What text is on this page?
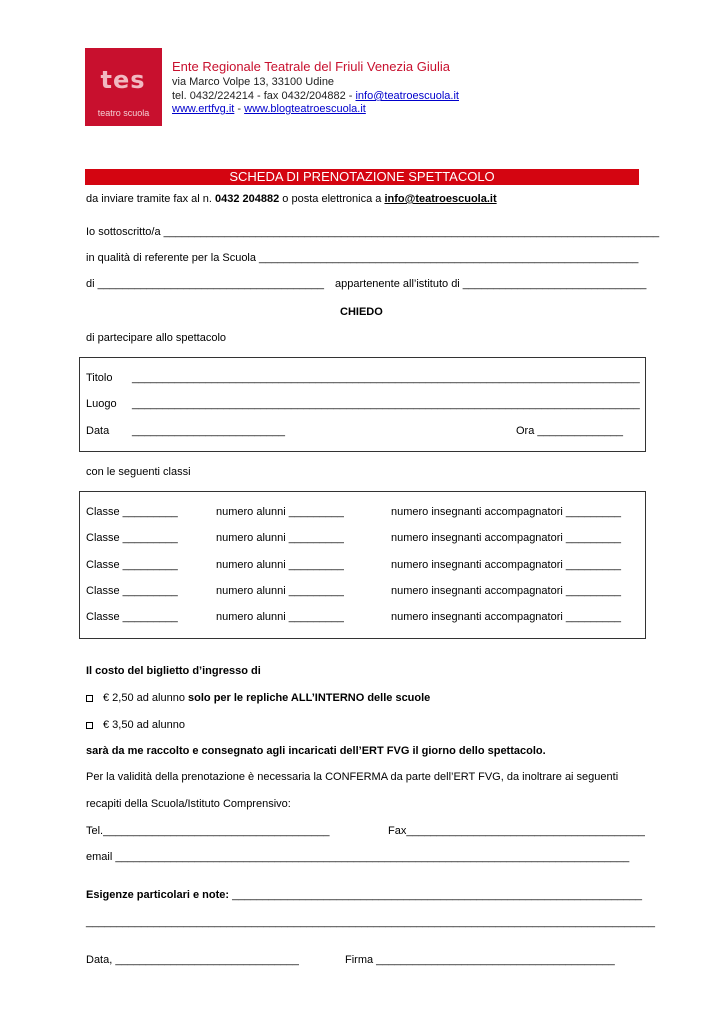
tes
teatro scuola
Ente Regionale Teatrale del Friuli Venezia Giulia
via Marco Volpe 13, 33100 Udine
tel. 0432/224214 - fax 0432/204882 - info@teatroescuola.it
www.ertfvg.it - www.blogteatroescuola.it
SCHEDA DI PRENOTAZIONE SPETTACOLO
da inviare tramite fax al n. 0432 204882 o posta elettronica a info@teatroescuola.it
Io sottoscritto/a _________________________________________________________________________________
in qualità di referente per la Scuola ______________________________________________________________
di _____________________________________ appartenente all’istituto di ______________________________
CHIEDO
di partecipare allo spettacolo
Titolo ___________________________________________________________________________________
Luogo ___________________________________________________________________________________
Data _________________________	Ora ______________
con le seguenti classi
Classe _________	numero alunni _________	numero insegnanti accompagnatori _________
Classe _________	numero alunni _________	numero insegnanti accompagnatori _________
Classe _________	numero alunni _________	numero insegnanti accompagnatori _________
Classe _________	numero alunni _________	numero insegnanti accompagnatori _________
Classe _________	numero alunni _________	numero insegnanti accompagnatori _________
Il costo del biglietto d’ingresso di
€ 2,50 ad alunno solo per le repliche ALL’INTERNO delle scuole
€ 3,50 ad alunno
sarà da me raccolto e consegnato agli incaricati dell’ERT FVG il giorno dello spettacolo.
Per la validità della prenotazione è necessaria la CONFERMA da parte dell’ERT FVG, da inoltrare ai seguenti
recapiti della Scuola/Istituto Comprensivo:
Tel._____________________________________	Fax_______________________________________
email ____________________________________________________________________________________
Esigenze particolari e note: ___________________________________________________________________
_____________________________________________________________________________________________
Data, ______________________________	Firma _______________________________________
